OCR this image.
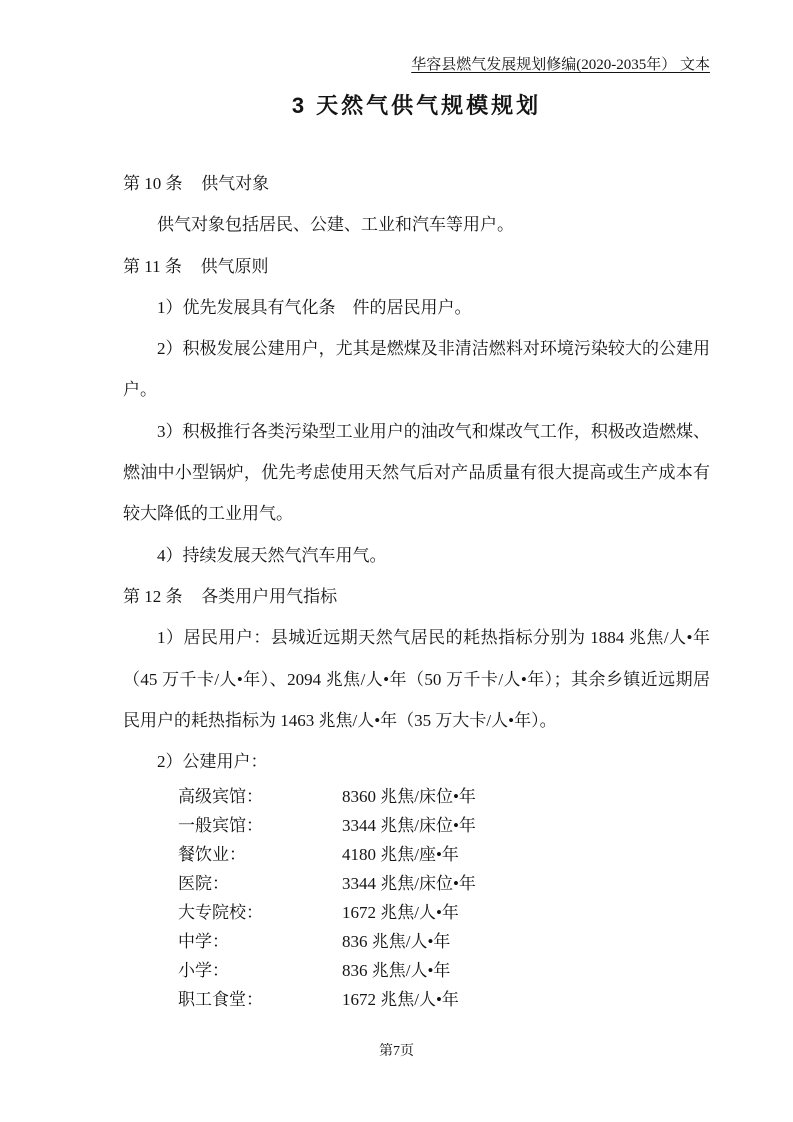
华容县燃气发展规划修编(2020-2035年） 文本
3 天然气供气规模规划

第 10 条 供气对象

供气对象包括居民、公建、工业和汽车等用户。

第 11 条 供气原则

1）优先发展具有气化条　件的居民用户。

2）积极发展公建用户，尤其是燃煤及非清洁燃料对环境污染较大的公建用户。

3）积极推行各类污染型工业用户的油改气和煤改气工作，积极改造燃煤、燃油中小型锅炉，优先考虑使用天然气后对产品质量有很大提高或生产成本有较大降低的工业用气。

4）持续发展天然气汽车用气。

第 12 条 各类用户用气指标

1）居民用户：县城近远期天然气居民的耗热指标分别为 1884 兆焦/人•年（45 万千卡/人•年）、2094 兆焦/人•年（50 万千卡/人•年）；其余乡镇近远期居民用户的耗热指标为 1463 兆焦/人•年（35 万大卡/人•年）。

2）公建用户：

高级宾馆：	8360 兆焦/床位•年
一般宾馆：	3344 兆焦/床位•年
餐饮业：	4180 兆焦/座•年
医院：	3344 兆焦/床位•年
大专院校：	1672 兆焦/人•年
中学：	836 兆焦/人•年
小学：	836 兆焦/人•年
职工食堂：	1672 兆焦/人•年
第7页
